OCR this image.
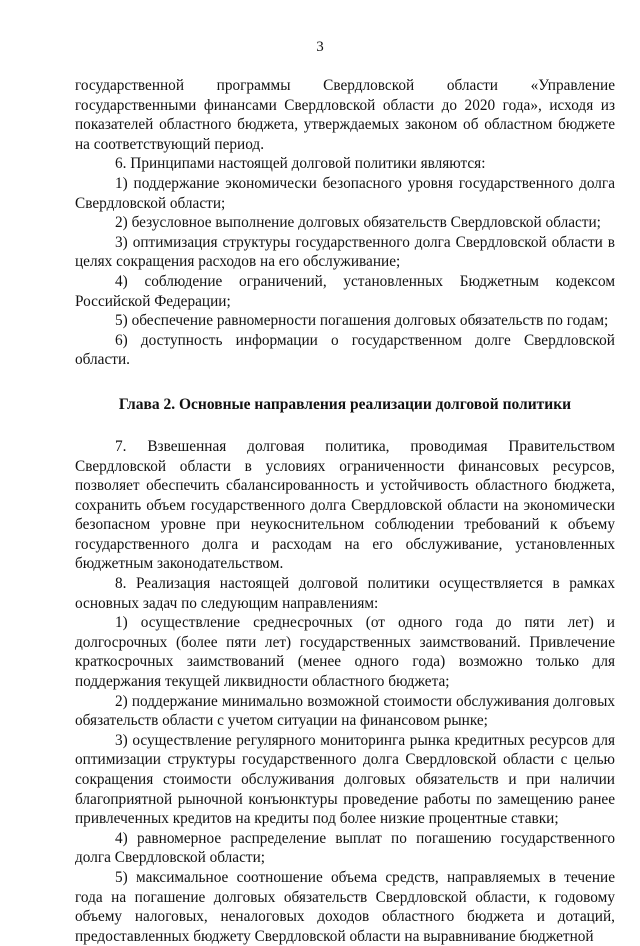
3

государственной программы Свердловской области «Управление государственными финансами Свердловской области до 2020 года», исходя из показателей областного бюджета, утверждаемых законом об областном бюджете на соответствующий период.

6. Принципами настоящей долговой политики являются:

1) поддержание экономически безопасного уровня государственного долга Свердловской области;

2) безусловное выполнение долговых обязательств Свердловской области;

3) оптимизация структуры государственного долга Свердловской области в целях сокращения расходов на его обслуживание;

4) соблюдение ограничений, установленных Бюджетным кодексом Российской Федерации;

5) обеспечение равномерности погашения долговых обязательств по годам;

6) доступность информации о государственном долге Свердловской области.

Глава 2. Основные направления реализации долговой политики

7. Взвешенная долговая политика, проводимая Правительством Свердловской области в условиях ограниченности финансовых ресурсов, позволяет обеспечить сбалансированность и устойчивость областного бюджета, сохранить объем государственного долга Свердловской области на экономически безопасном уровне при неукоснительном соблюдении требований к объему государственного долга и расходам на его обслуживание, установленных бюджетным законодательством.

8. Реализация настоящей долговой политики осуществляется в рамках основных задач по следующим направлениям:

1) осуществление среднесрочных (от одного года до пяти лет) и долгосрочных (более пяти лет) государственных заимствований. Привлечение краткосрочных заимствований (менее одного года) возможно только для поддержания текущей ликвидности областного бюджета;

2) поддержание минимально возможной стоимости обслуживания долговых обязательств области с учетом ситуации на финансовом рынке;

3) осуществление регулярного мониторинга рынка кредитных ресурсов для оптимизации структуры государственного долга Свердловской области с целью сокращения стоимости обслуживания долговых обязательств и при наличии благоприятной рыночной конъюнктуры проведение работы по замещению ранее привлеченных кредитов на кредиты под более низкие процентные ставки;

4) равномерное распределение выплат по погашению государственного долга Свердловской области;

5) максимальное соотношение объема средств, направляемых в течение года на погашение долговых обязательств Свердловской области, к годовому объему налоговых, неналоговых доходов областного бюджета и дотаций, предоставленных бюджету Свердловской области на выравнивание бюджетной
